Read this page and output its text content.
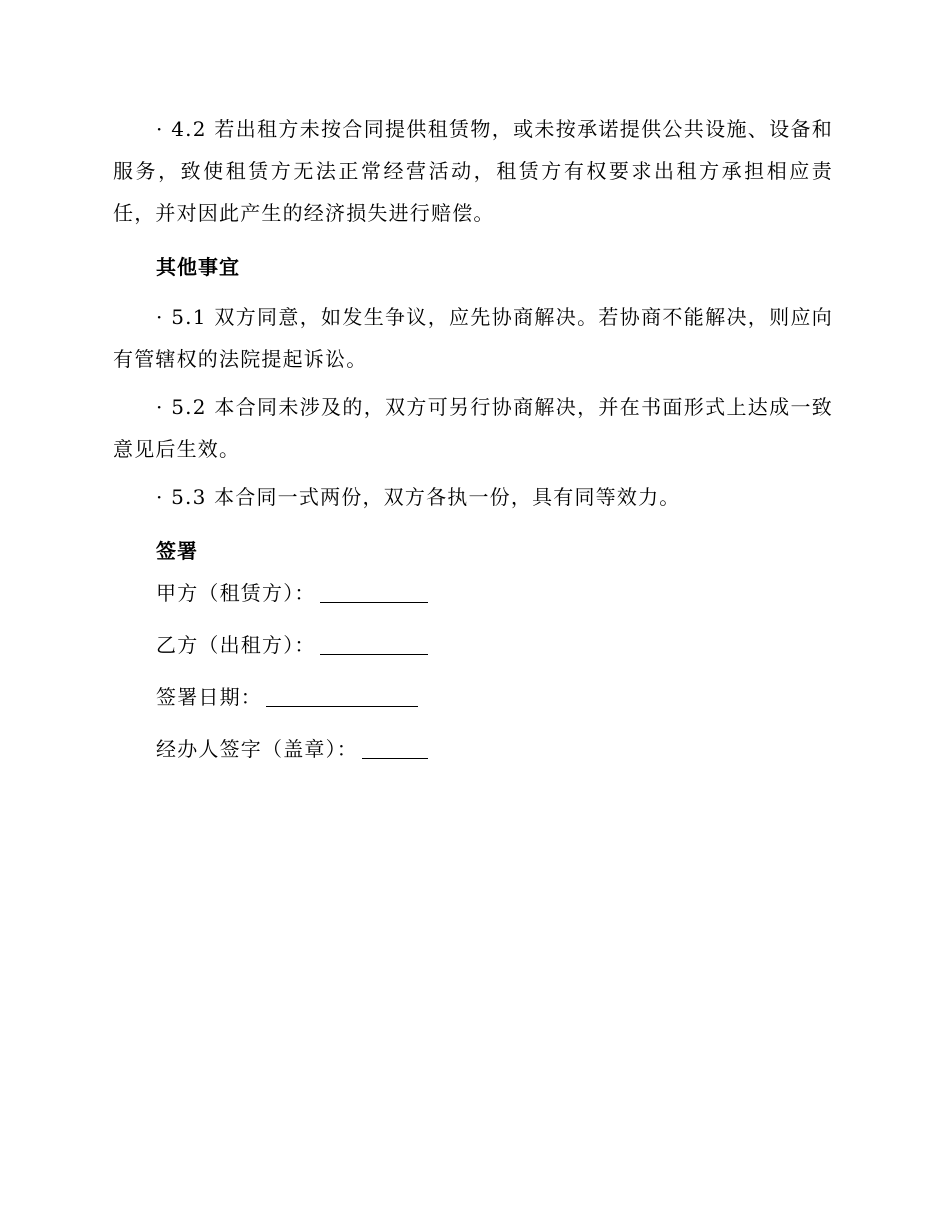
· 4.2 若出租方未按合同提供租赁物，或未按承诺提供公共设施、设备和服务，致使租赁方无法正常经营活动，租赁方有权要求出租方承担相应责任，并对因此产生的经济损失进行赔偿。

其他事宜

· 5.1 双方同意，如发生争议，应先协商解决。若协商不能解决，则应向有管辖权的法院提起诉讼。

· 5.2 本合同未涉及的，双方可另行协商解决，并在书面形式上达成一致意见后生效。

· 5.3 本合同一式两份，双方各执一份，具有同等效力。

签署

甲方（租赁方）：

乙方（出租方）：

签署日期：

经办人签字（盖章）：
